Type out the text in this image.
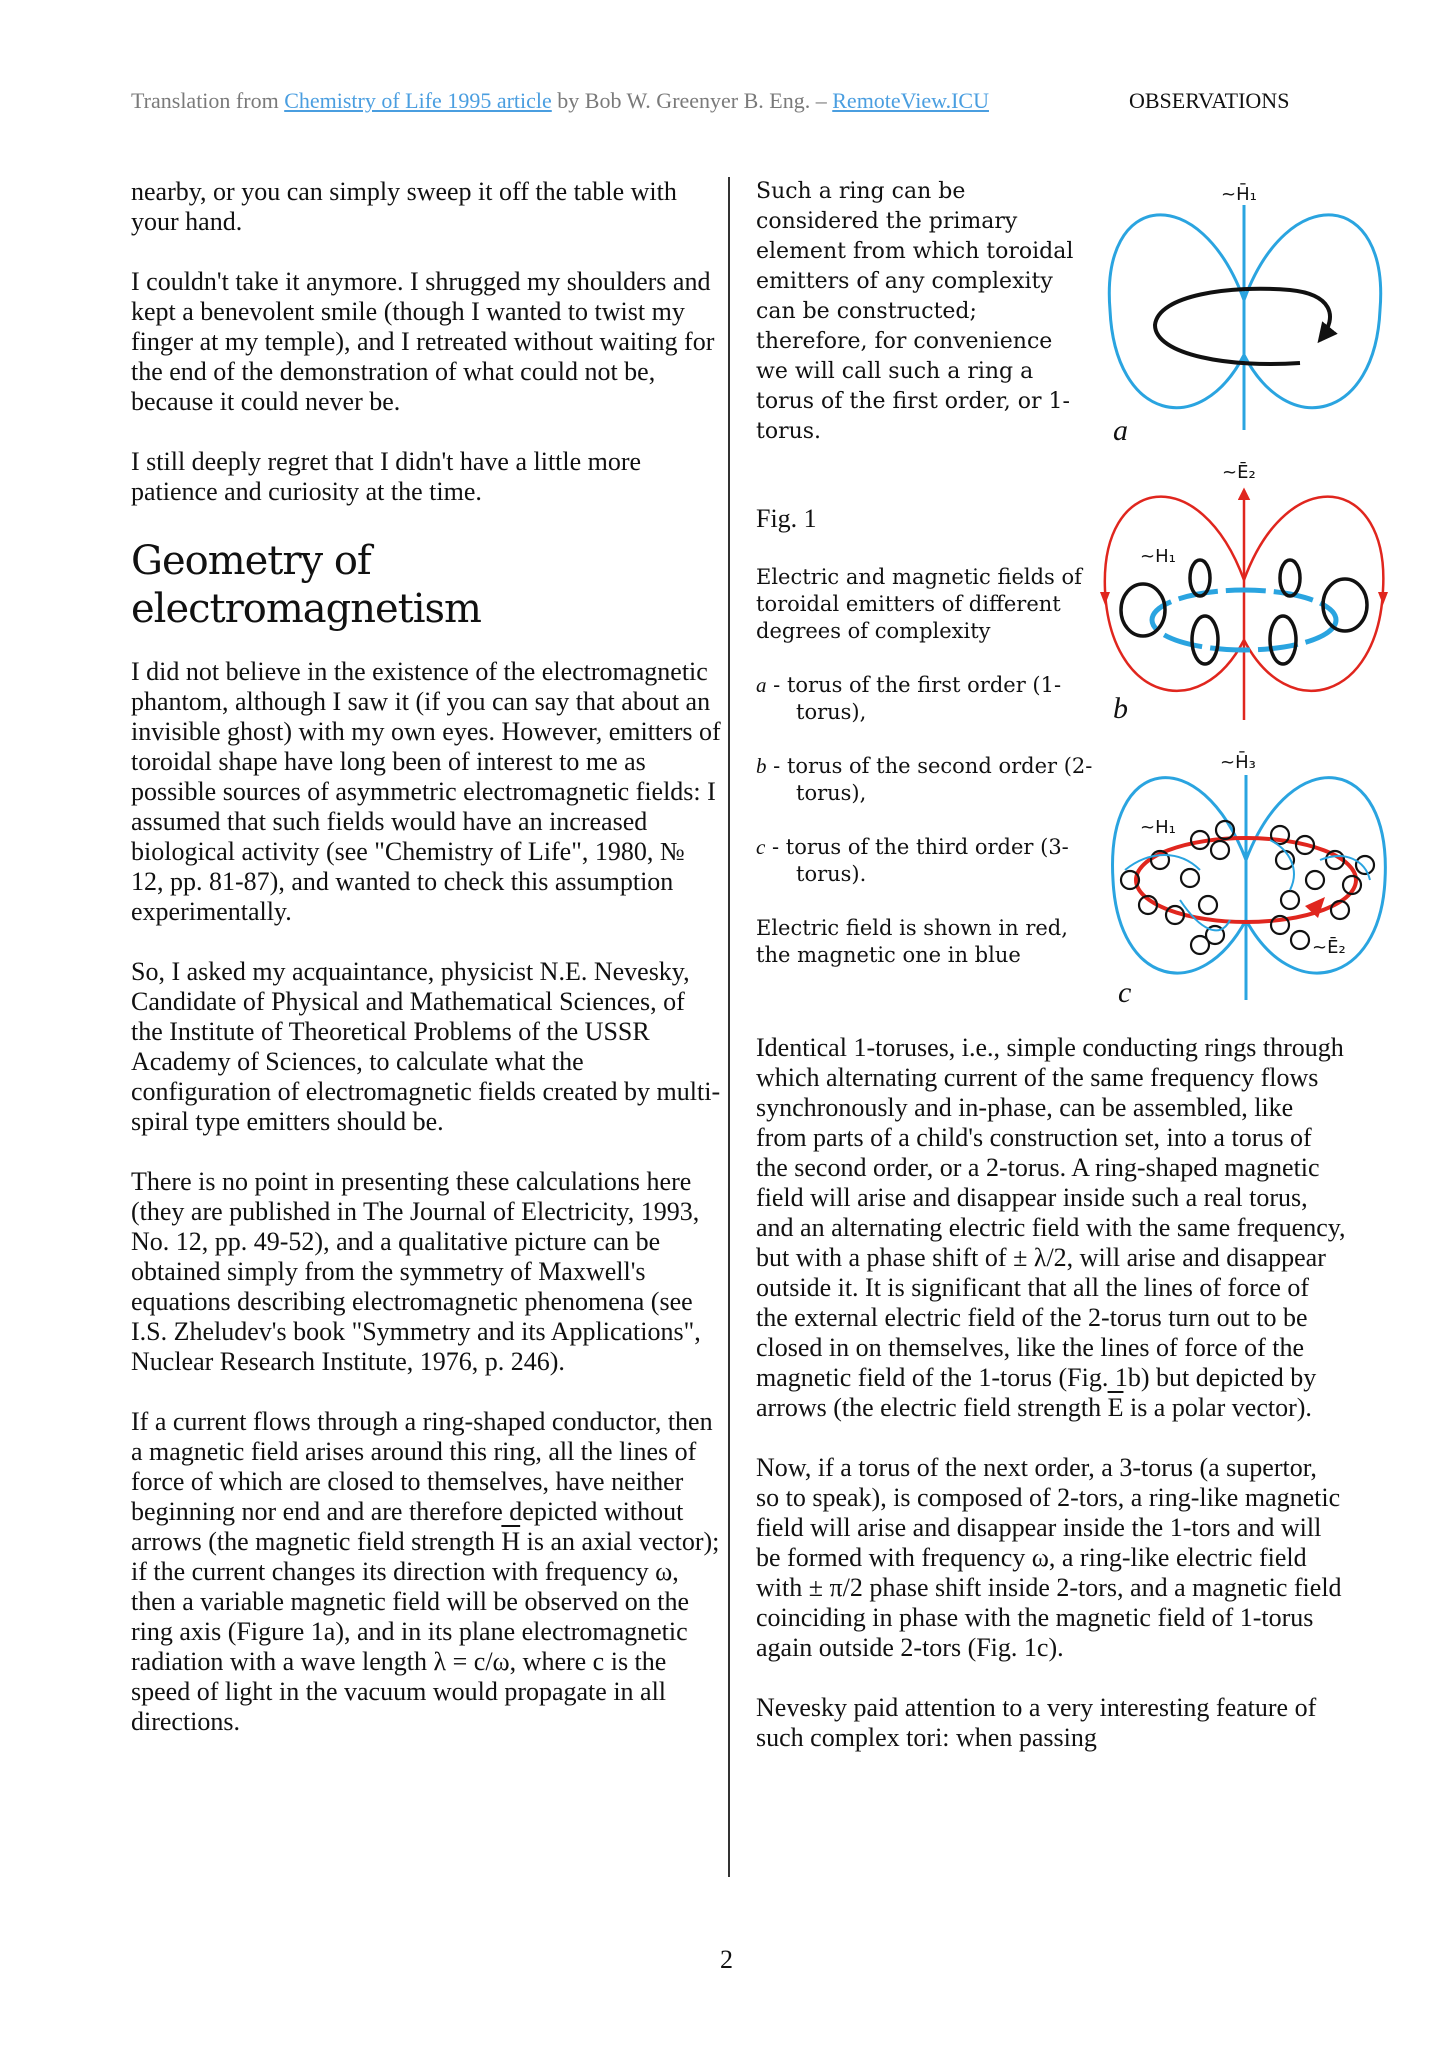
Translation from Chemistry of Life 1995 article by Bob W. Greenyer B. Eng. – RemoteView.ICU	OBSERVATIONS

nearby, or you can simply sweep it off the table with your hand.

I couldn't take it anymore. I shrugged my shoulders and kept a benevolent smile (though I wanted to twist my finger at my temple), and I retreated without waiting for the end of the demonstration of what could not be, because it could never be.

I still deeply regret that I didn't have a little more patience and curiosity at the time.

Geometry of electromagnetism

I did not believe in the existence of the electromagnetic phantom, although I saw it (if you can say that about an invisible ghost) with my own eyes. However, emitters of toroidal shape have long been of interest to me as possible sources of asymmetric electromagnetic fields: I assumed that such fields would have an increased biological activity (see "Chemistry of Life", 1980, № 12, pp. 81-87), and wanted to check this assumption experimentally.

So, I asked my acquaintance, physicist N.E. Nevesky, Candidate of Physical and Mathematical Sciences, of the Institute of Theoretical Problems of the USSR Academy of Sciences, to calculate what the configuration of electromagnetic fields created by multi-spiral type emitters should be.

There is no point in presenting these calculations here (they are published in The Journal of Electricity, 1993, No. 12, pp. 49-52), and a qualitative picture can be obtained simply from the symmetry of Maxwell's equations describing electromagnetic phenomena (see I.S. Zheludev's book "Symmetry and its Applications", Nuclear Research Institute, 1976, p. 246).

If a current flows through a ring-shaped conductor, then a magnetic field arises around this ring, all the lines of force of which are closed to themselves, have neither beginning nor end and are therefore depicted without arrows (the magnetic field strength $\overline{H}$ is an axial vector); if the current changes its direction with frequency ω, then a variable magnetic field will be observed on the ring axis (Figure 1a), and in its plane electromagnetic radiation with a wave length λ = c/ω, where c is the speed of light in the vacuum would propagate in all directions.

Such a ring can be considered the primary element from which toroidal emitters of any complexity can be constructed; therefore, for convenience we will call such a ring a torus of the first order, or 1-torus.
Fig. 1
Electric and magnetic fields of toroidal emitters of different degrees of complexity
a - torus of the first order (1-torus),
b - torus of the second order (2-torus),
c - torus of the third order (3-torus).
Electric field is shown in red, the magnetic one in blue
~H̄₁
a
~Ē₂
~H₁
b
~H̄₃
~H₁
~Ē₂
c

Identical 1-toruses, i.e., simple conducting rings through which alternating current of the same frequency flows synchronously and in-phase, can be assembled, like from parts of a child's construction set, into a torus of the second order, or a 2-torus. A ring-shaped magnetic field will arise and disappear inside such a real torus, and an alternating electric field with the same frequency, but with a phase shift of ± λ/2, will arise and disappear outside it. It is significant that all the lines of force of the external electric field of the 2-torus turn out to be closed in on themselves, like the lines of force of the magnetic field of the 1-torus (Fig. 1b) but depicted by arrows (the electric field strength $\overline{E}$ is a polar vector).

Now, if a torus of the next order, a 3-torus (a supertor, so to speak), is composed of 2-tors, a ring-like magnetic field will arise and disappear inside the 1-tors and will be formed with frequency ω, a ring-like electric field with ± π/2 phase shift inside 2-tors, and a magnetic field coinciding in phase with the magnetic field of 1-torus again outside 2-tors (Fig. 1c).

Nevesky paid attention to a very interesting feature of such complex tori: when passing

2
